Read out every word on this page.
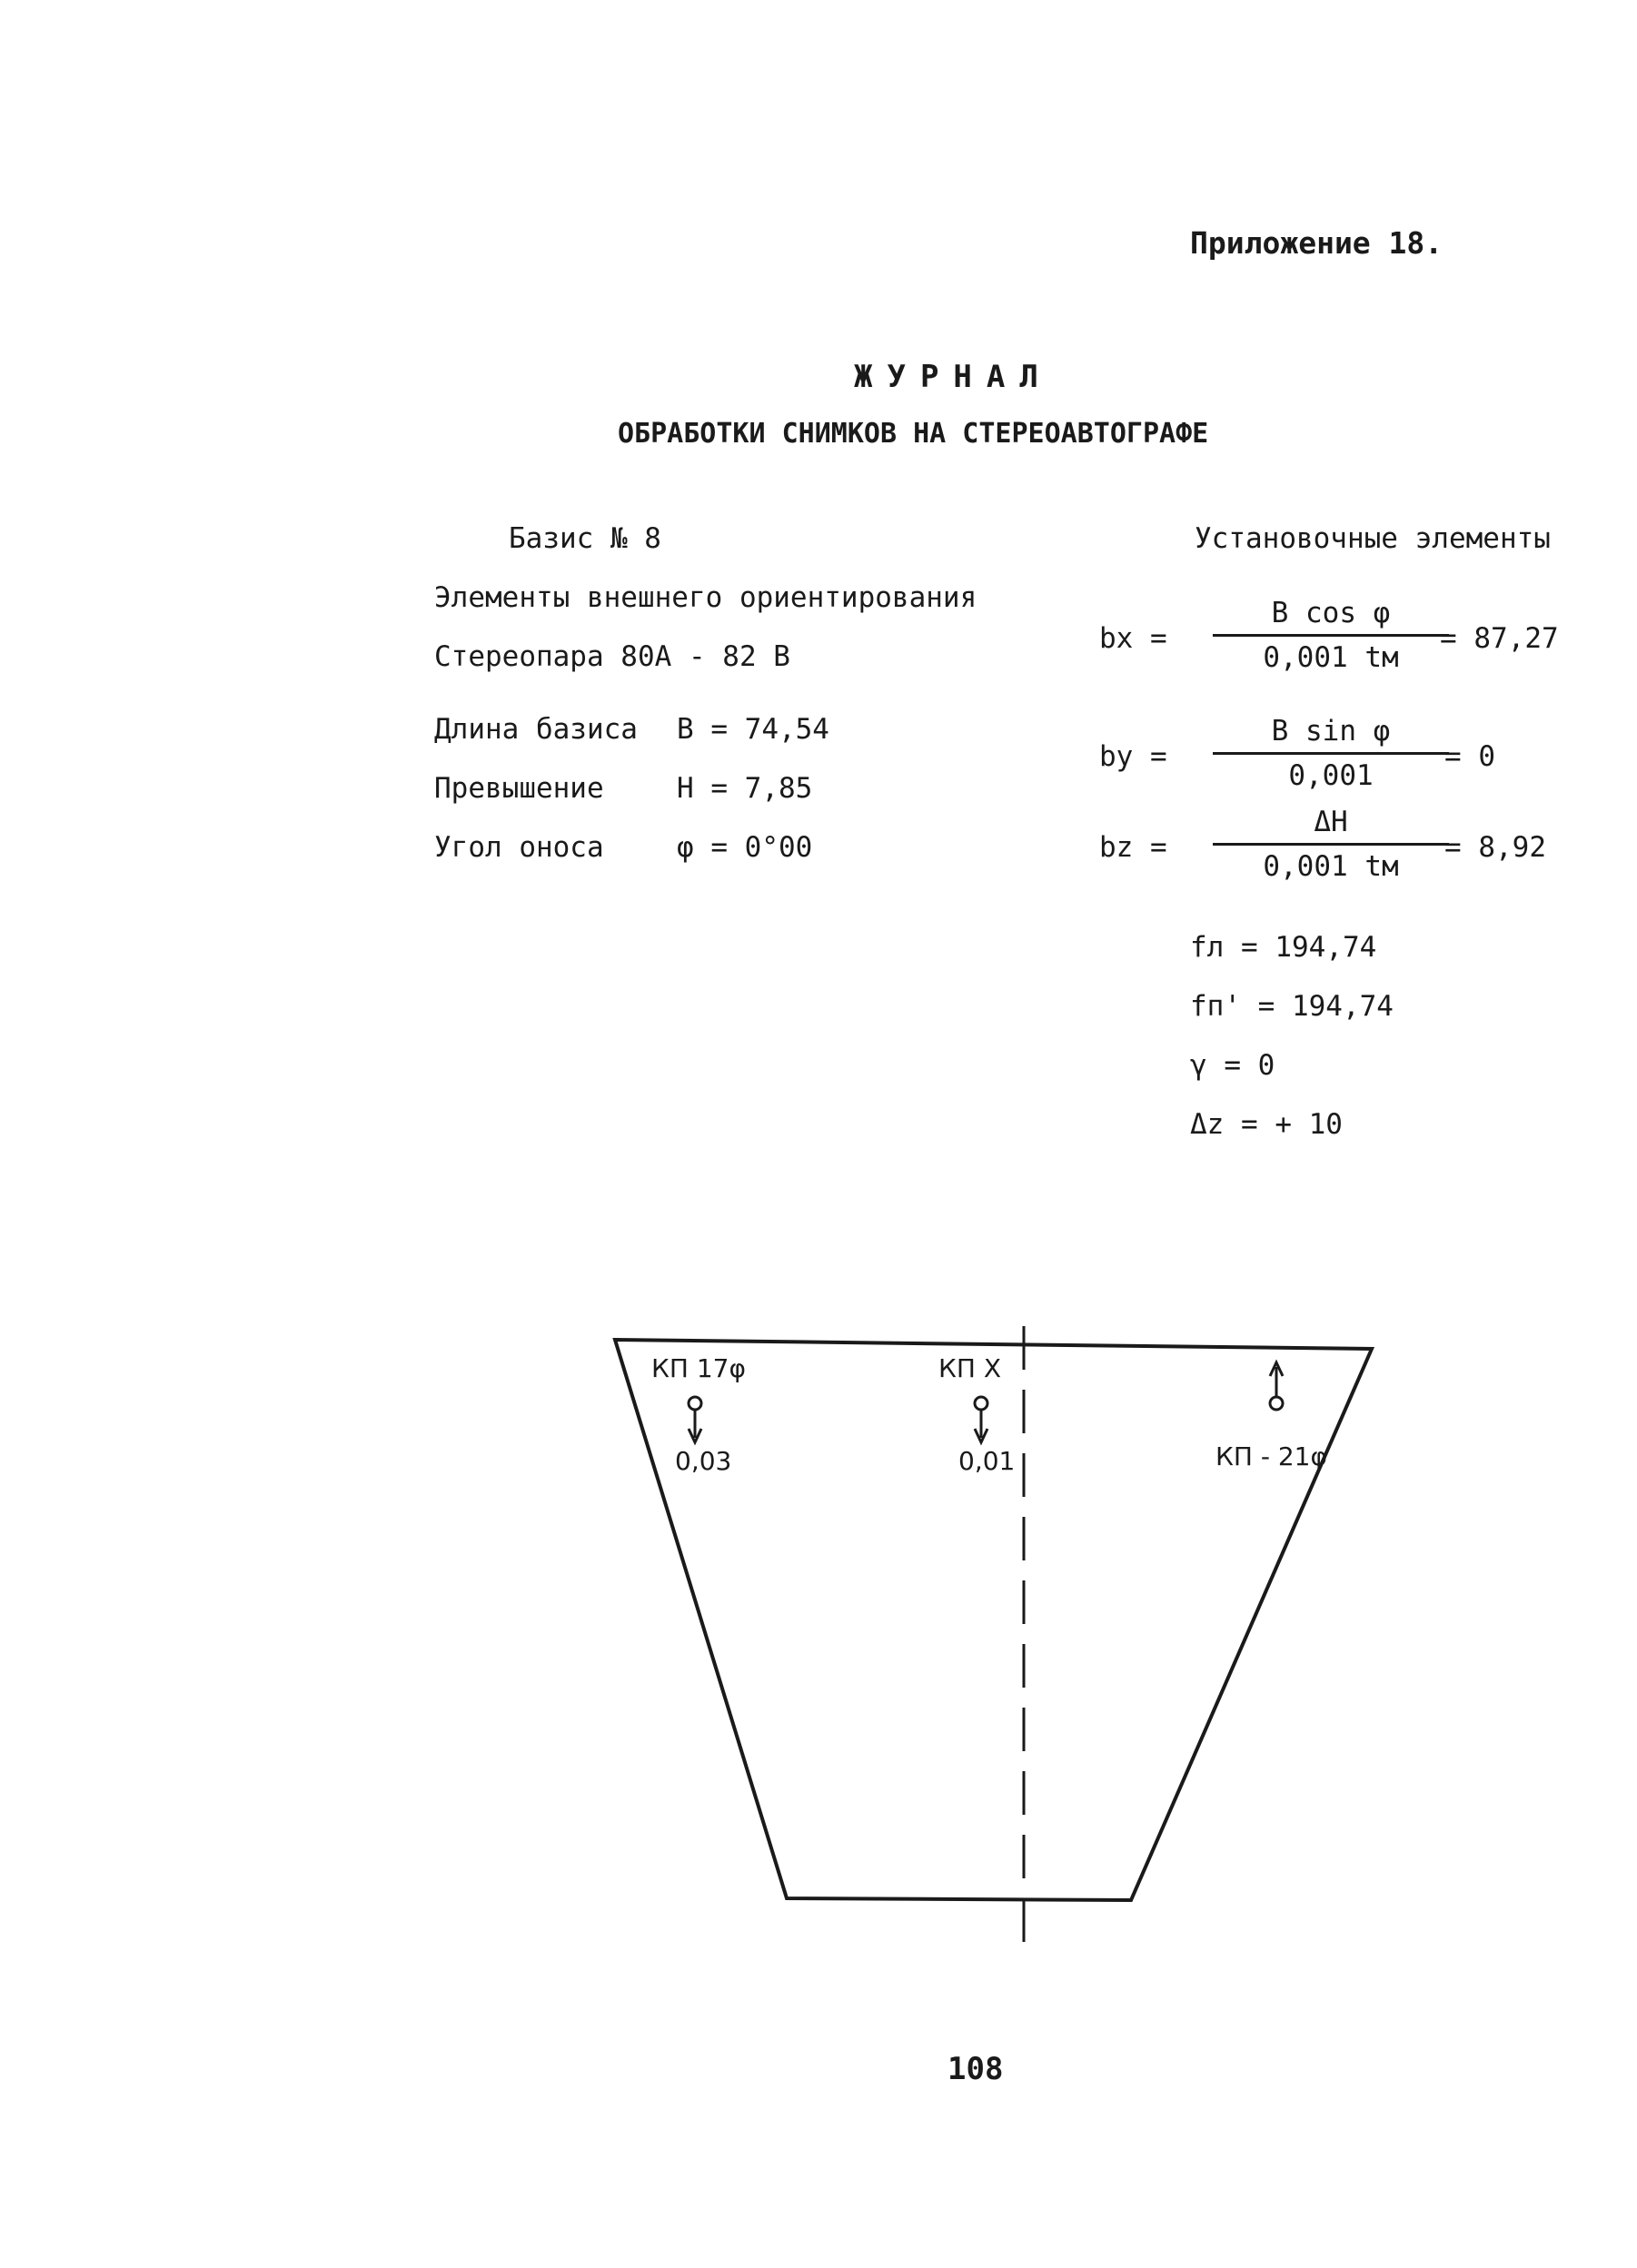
Приложение 18.
ЖУРНАЛ
ОБРАБОТКИ СНИМКОВ НА СТЕРЕОАВТОГРАФЕ
Базис № 8
Элементы внешнего ориентирования
Стереопара 80А - 82 В
Длина базиса B = 74,54
Превышение	H = 7,85
Угол оноса	φ = 0°00
Установочные элементы
bx =
B cos φ
0,001 tм
= 87,27
bу =
B sin φ
0,001
= 0
bz =
ΔH
0,001 tм
= 8,92
fл = 194,74
fп' = 194,74
γ = 0
Δz = + 10
КП 17φ
0,03
КП X
0,01	КП - 21φ
108
